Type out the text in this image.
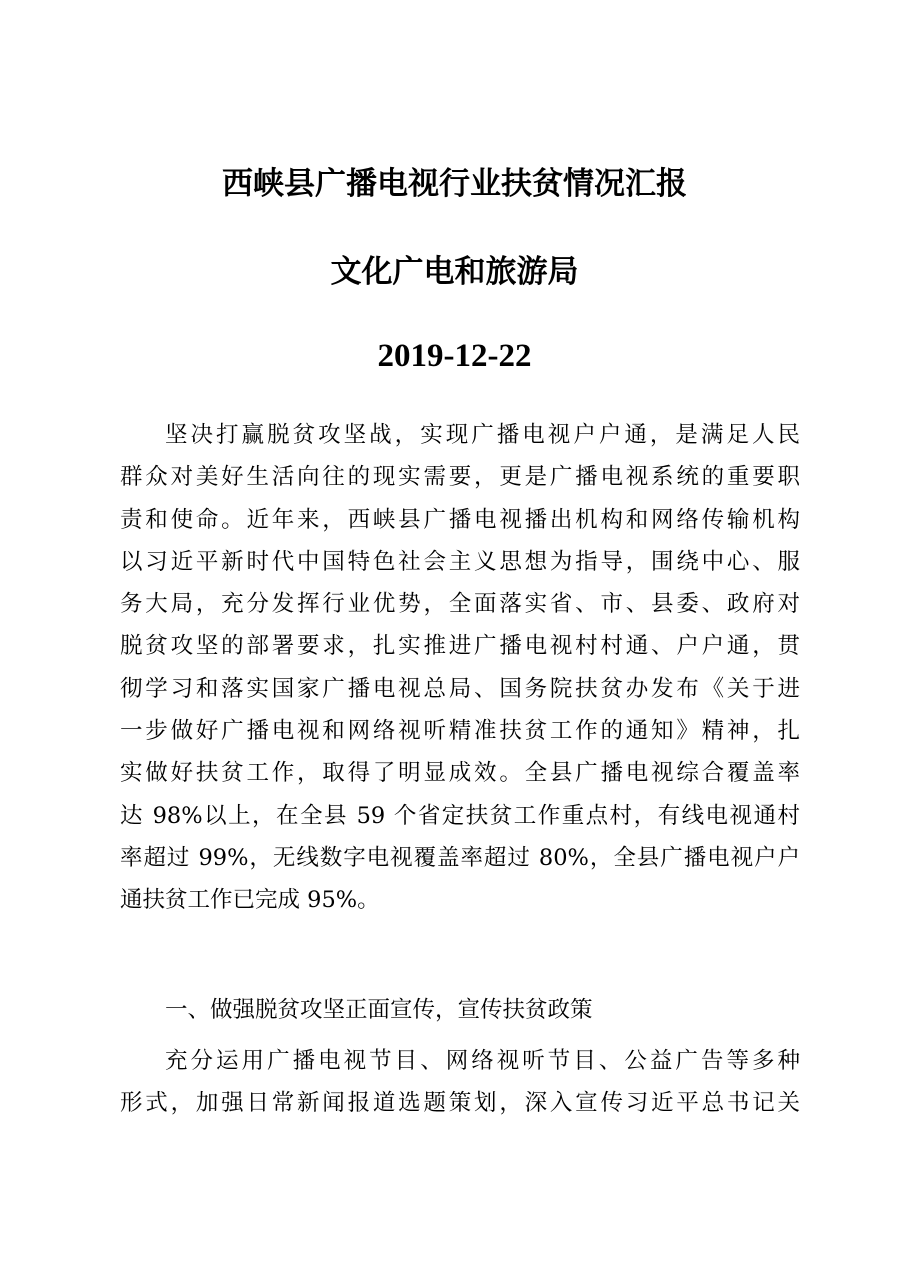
西峡县广播电视行业扶贫情况汇报
文化广电和旅游局
2019-12-22
坚决打赢脱贫攻坚战，实现广播电视户户通，是满足人民
群众对美好生活向往的现实需要，更是广播电视系统的重要职
责和使命。近年来，西峡县广播电视播出机构和网络传输机构
以习近平新时代中国特色社会主义思想为指导，围绕中心、服
务大局，充分发挥行业优势，全面落实省、市、县委、政府对
脱贫攻坚的部署要求，扎实推进广播电视村村通、户户通，贯
彻学习和落实国家广播电视总局、国务院扶贫办发布《关于进
一步做好广播电视和网络视听精准扶贫工作的通知》精神，扎
实做好扶贫工作，取得了明显成效。全县广播电视综合覆盖率
达 98%以上，在全县 59 个省定扶贫工作重点村，有线电视通村
率超过 99%，无线数字电视覆盖率超过 80%，全县广播电视户户
通扶贫工作已完成 95%。
一、做强脱贫攻坚正面宣传，宣传扶贫政策
充分运用广播电视节目、网络视听节目、公益广告等多种
形式，加强日常新闻报道选题策划，深入宣传习近平总书记关
